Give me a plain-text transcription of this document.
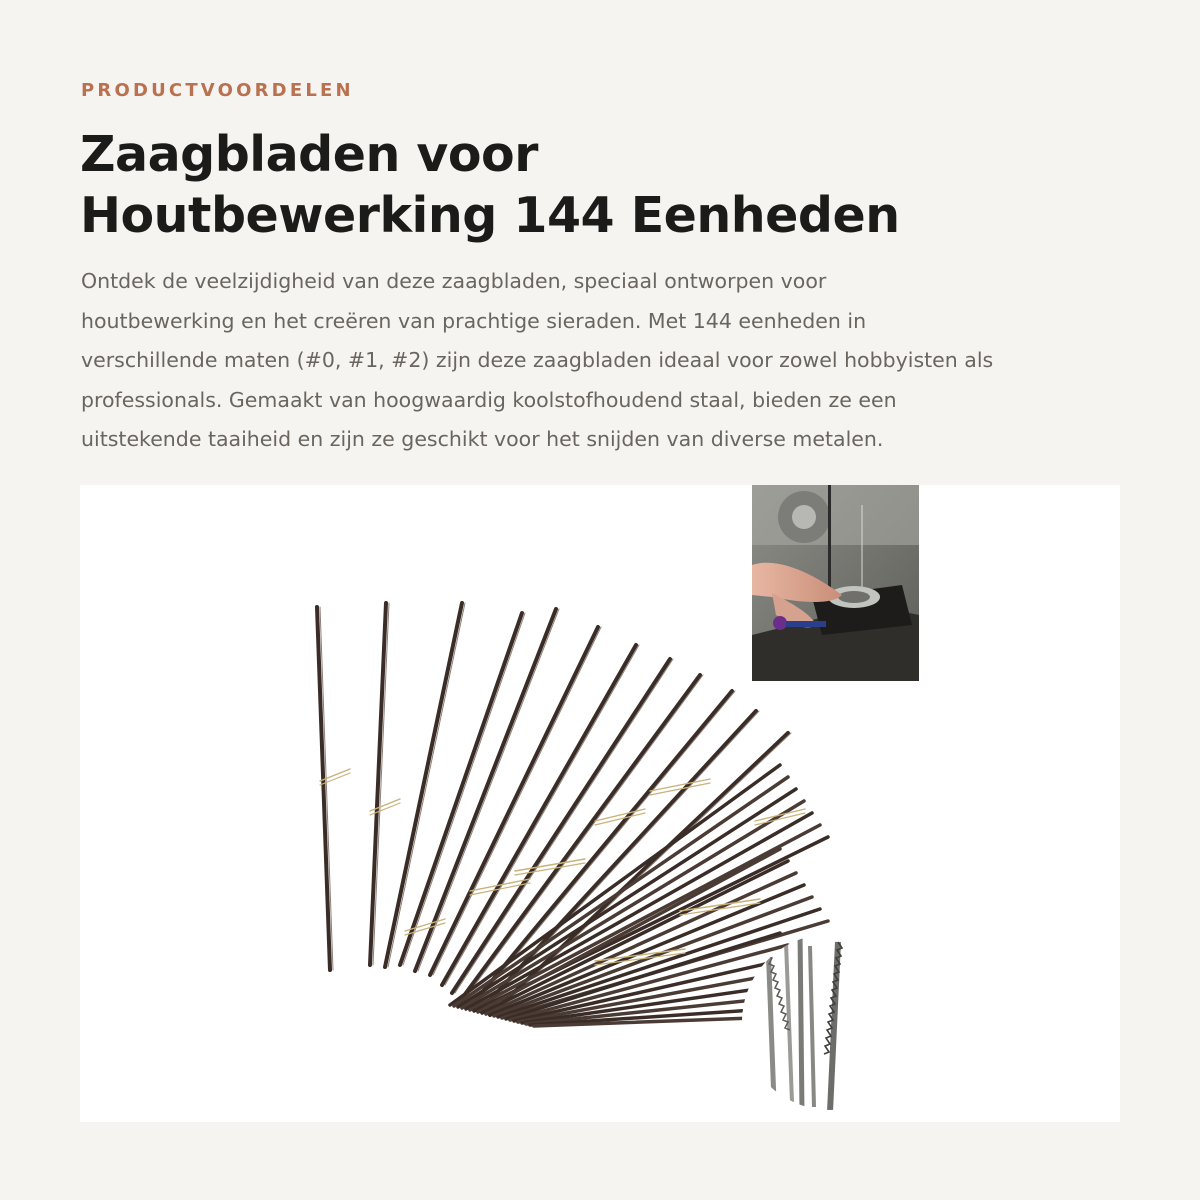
PRODUCTVOORDELEN
Zaagbladen voor
Houtbewerking 144 Eenheden
Ontdek de veelzijdigheid van deze zaagbladen, speciaal ontworpen voor
houtbewerking en het creëren van prachtige sieraden. Met 144 eenheden in
verschillende maten (#0, #1, #2) zijn deze zaagbladen ideaal voor zowel hobbyisten als
professionals. Gemaakt van hoogwaardig koolstofhoudend staal, bieden ze een
uitstekende taaiheid en zijn ze geschikt voor het snijden van diverse metalen.
